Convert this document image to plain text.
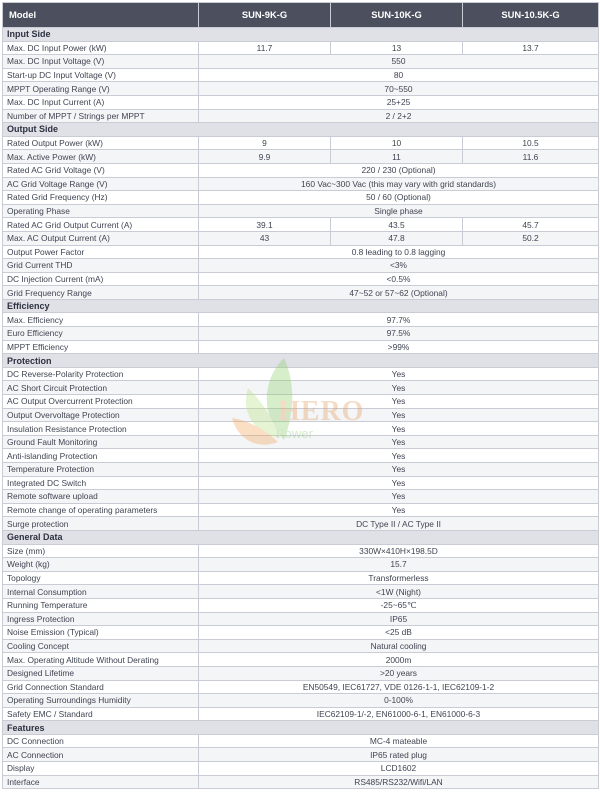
Model	SUN-9K-G	SUN-10K-G	SUN-10.5K-G
Input Side			
Max. DC Input Power (kW)	11.7	13	13.7
Max. DC Input Voltage (V)	550		
Start-up DC Input Voltage (V)	80		
MPPT Operating Range (V)	70~550		
Max. DC Input Current (A)	25+25		
Number of MPPT / Strings per MPPT	2 / 2+2		
Output Side			
Rated Output Power (kW)	9	10	10.5
Max. Active Power (kW)	9.9	11	11.6
Rated AC Grid Voltage (V)	220 / 230 (Optional)		
AC Grid Voltage Range (V)	160 Vac~300 Vac (this may vary with grid standards)		
Rated Grid Frequency (Hz)	50 / 60 (Optional)		
Operating Phase	Single phase		
Rated AC Grid Output Current (A)	39.1	43.5	45.7
Max. AC Output Current (A)	43	47.8	50.2
Output Power Factor	0.8 leading to 0.8 lagging		
Grid Current THD	<3%		
DC Injection Current (mA)	<0.5%		
Grid Frequency Range	47~52 or 57~62 (Optional)		
Efficiency			
Max. Efficiency	97.7%		
Euro Efficiency	97.5%		
MPPT Efficiency	>99%		
Protection			
DC Reverse-Polarity Protection	Yes		
AC Short Circuit Protection	Yes		
AC Output Overcurrent Protection	Yes		
Output Overvoltage Protection	Yes		
Insulation Resistance Protection	Yes		
Ground Fault Monitoring	Yes		
Anti-islanding Protection	Yes		
Temperature Protection	Yes		
Integrated DC Switch	Yes		
Remote software upload	Yes		
Remote change of operating parameters	Yes		
Surge protection	DC Type II / AC Type II		
General Data			
Size (mm)	330W×410H×198.5D		
Weight (kg)	15.7		
Topology	Transformerless		
Internal Consumption	<1W (Night)		
Running Temperature	-25~65℃		
Ingress Protection	IP65		
Noise Emission (Typical)	<25 dB		
Cooling Concept	Natural cooling		
Max. Operating Altitude Without Derating	2000m		
Designed Lifetime	>20 years		
Grid Connection Standard	EN50549, IEC61727, VDE 0126-1-1, IEC62109-1-2		
Operating Surroundings Humidity	0-100%		
Safety EMC / Standard	IEC62109-1/-2, EN61000-6-1, EN61000-6-3		
Features			
DC Connection	MC-4 mateable		
AC Connection	IP65 rated plug		
Display	LCD1602		
Interface	RS485/RS232/Wifi/LAN		
HERO
Power
